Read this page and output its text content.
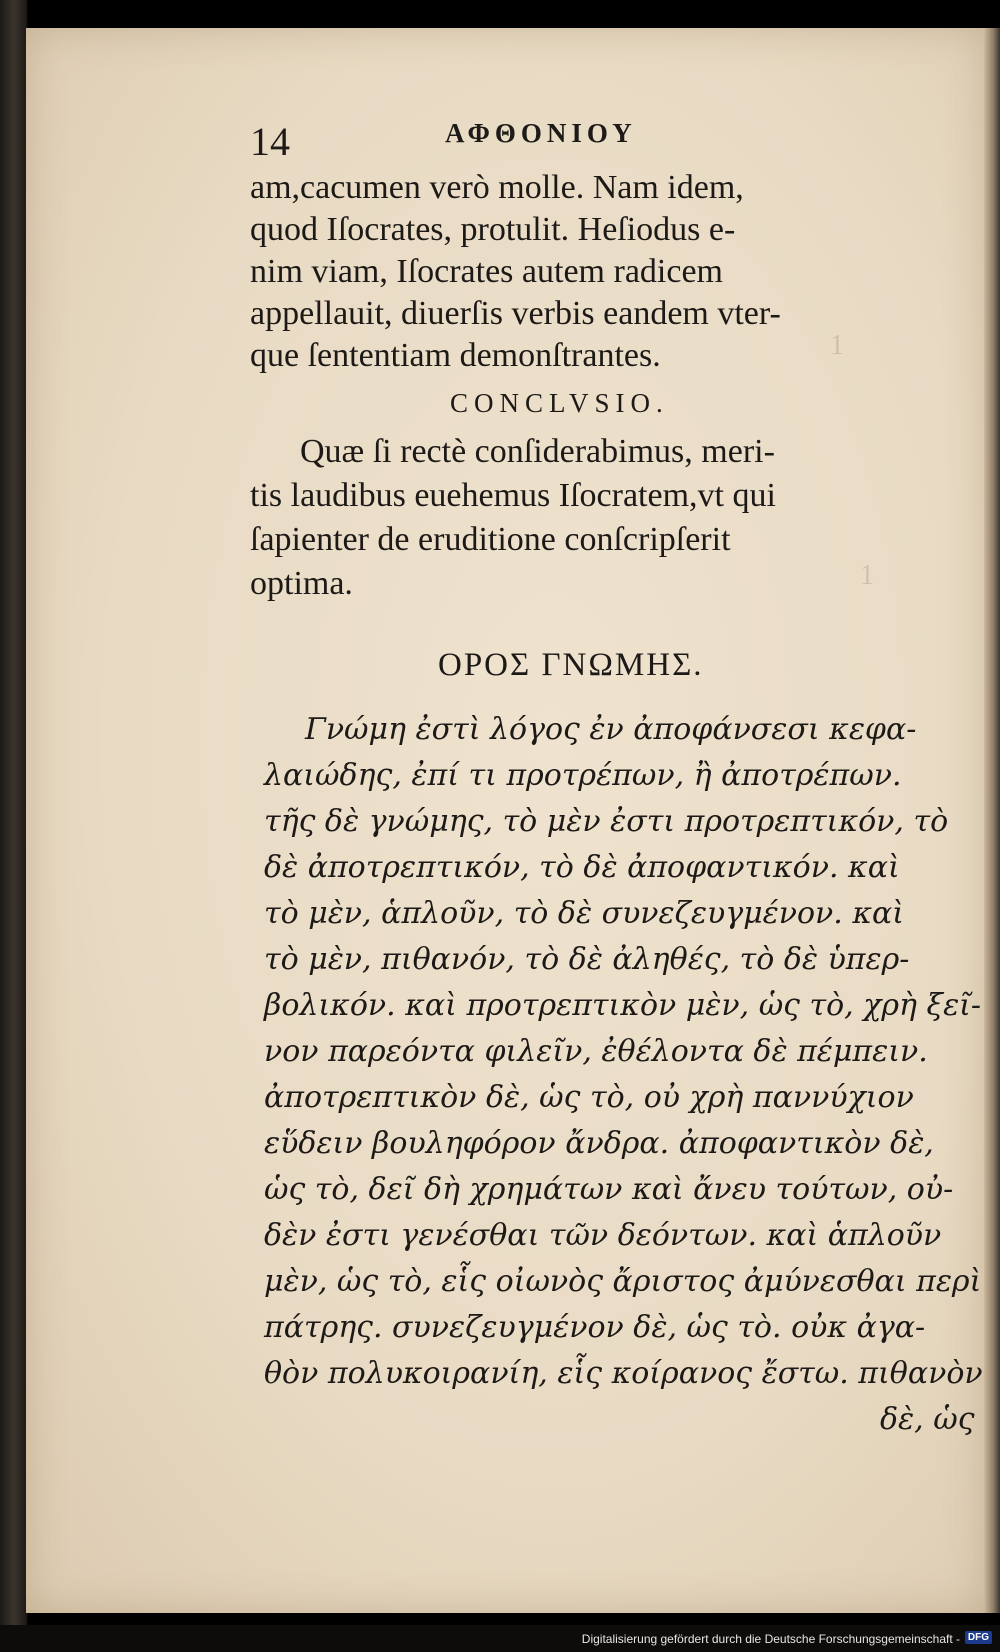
1
1
14	ΑΦΘΟΝΙΟΥ
am,cacumen verò molle. Nam idem,
quod Iſocrates, protulit. Heſiodus e-
nim viam, Iſocrates autem radicem
appellauit, diuerſis verbis eandem vter-
que ſententiam demonſtrantes.
CONCLVSIO.
Quæ ſi rectè conſiderabimus, meri-
tis laudibus euehemus Iſocratem,vt qui
ſapienter de eruditione conſcripſerit
optima.
ΟΡΟΣ ΓΝΩΜΗΣ.
Γνώμη ἐστὶ λόγος ἐν ἀποφάνσεσι κεφα-
λαιώδης, ἐπί τι προτρέπων, ἢ ἀποτρέπων.
τῆς δὲ γνώμης, τὸ μὲν ἐστι προτρεπτικόν, τὸ
δὲ ἀποτρεπτικόν, τὸ δὲ ἀποφαντικόν. καὶ
τὸ μὲν, ἁπλοῦν, τὸ δὲ συνεζευγμένον. καὶ
τὸ μὲν, πιθανόν, τὸ δὲ ἀληθές, τὸ δὲ ὑπερ-
βολικόν. καὶ προτρεπτικὸν μὲν, ὡς τὸ, χρὴ ξεῖ-
νον παρεόντα φιλεῖν, ἐθέλοντα δὲ πέμπειν.
ἀποτρεπτικὸν δὲ, ὡς τὸ, οὐ χρὴ παννύχιον
εὕδειν βουληφόρον ἄνδρα. ἀποφαντικὸν δὲ,
ὡς τὸ, δεῖ δὴ χρημάτων καὶ ἄνευ τούτων, οὐ-
δὲν ἐστι γενέσθαι τῶν δεόντων. καὶ ἁπλοῦν
μὲν, ὡς τὸ, εἷς οἰωνὸς ἄριστος ἀμύνεσθαι περὶ
πάτρης. συνεζευγμένον δὲ, ὡς τὸ. οὐκ ἀγα-
θὸν πολυκοιρανίη, εἷς κοίρανος ἔστω. πιθανὸν
δὲ, ὡς
Digitalisierung gefördert durch die Deutsche Forschungsgemeinschaft - DFG
